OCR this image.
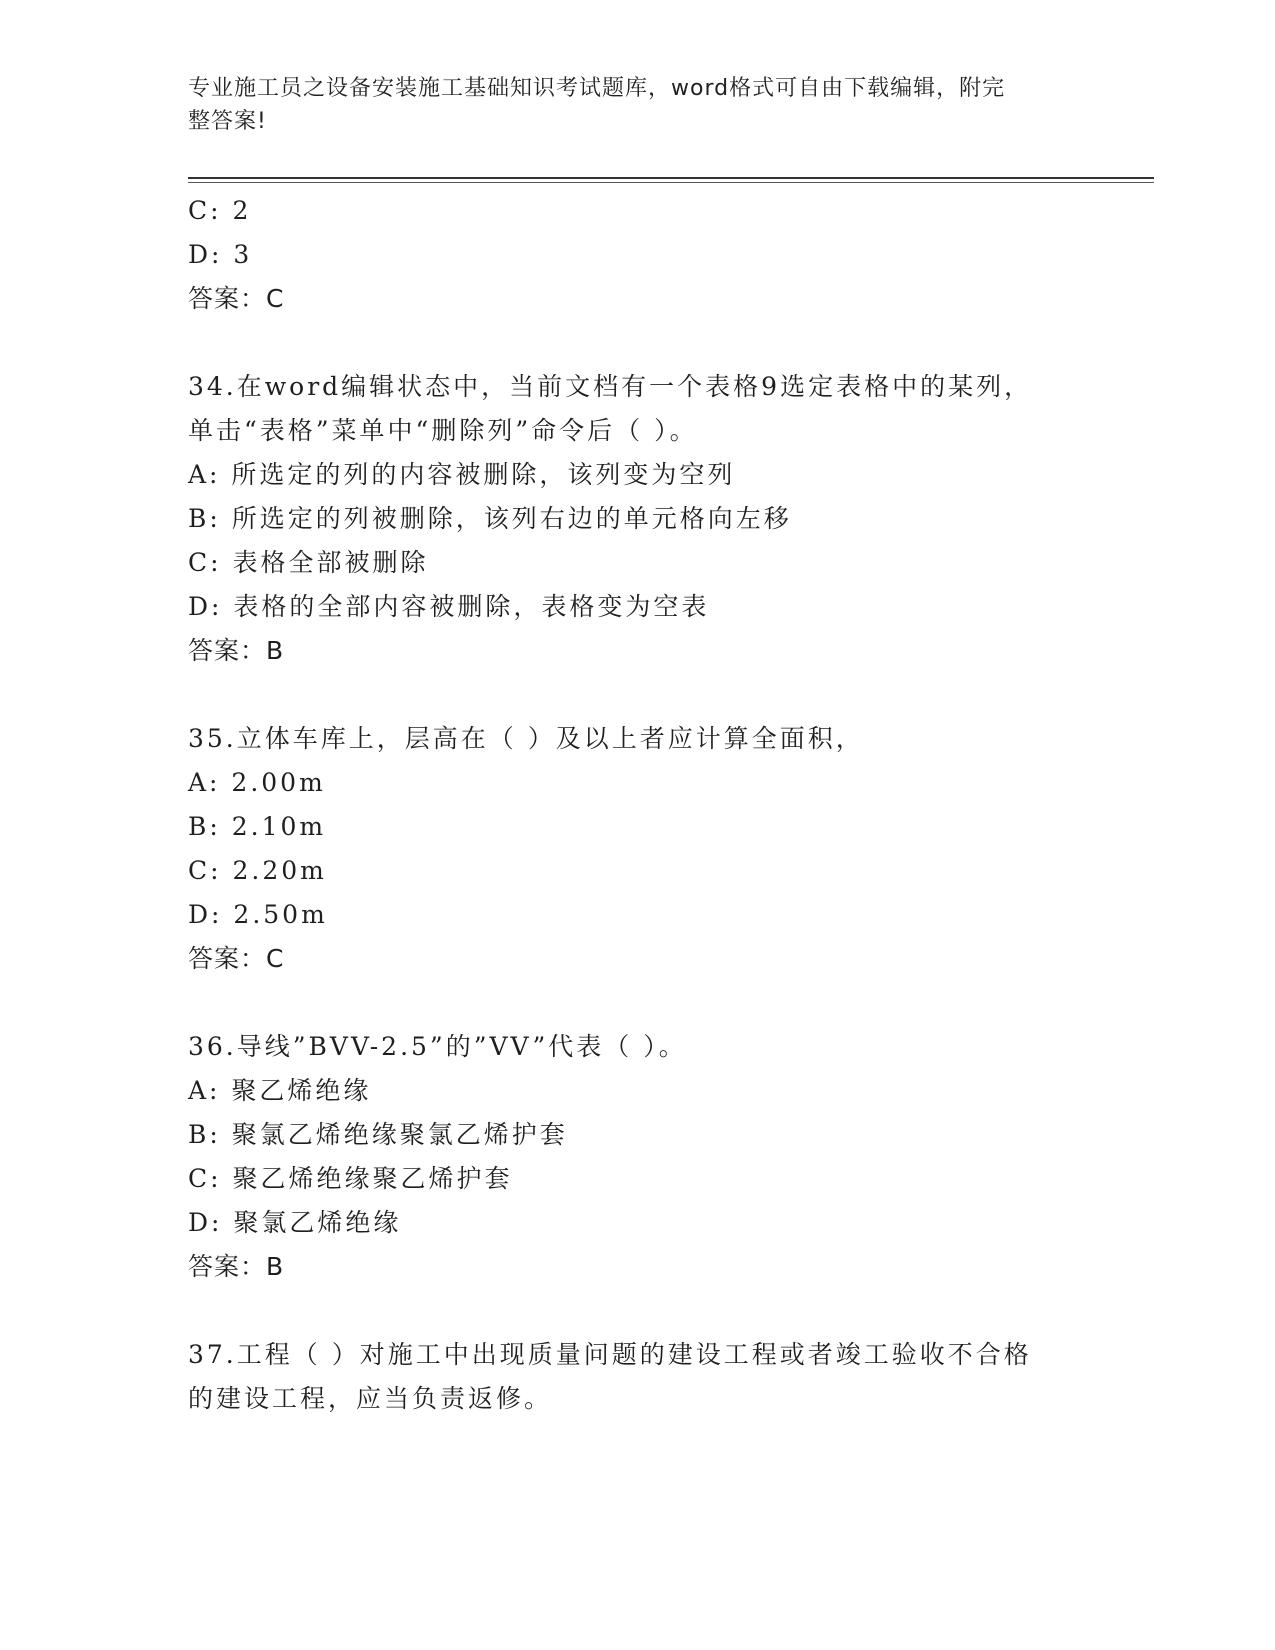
专业施工员之设备安装施工基础知识考试题库，word格式可自由下载编辑，附完
整答案!
C: 2
D: 3
答案：C
34.在word编辑状态中，当前文档有一个表格9选定表格中的某列，
单击“表格”菜单中“删除列”命令后（ ）。
A: 所选定的列的内容被删除，该列变为空列
B: 所选定的列被删除，该列右边的单元格向左移
C: 表格全部被删除
D: 表格的全部内容被删除，表格变为空表
答案：B
35.立体车库上，层高在（ ）及以上者应计算全面积，
A: 2.00m
B: 2.10m
C: 2.20m
D: 2.50m
答案：C
36.导线”BVV-2.5”的”VV”代表（ ）。
A: 聚乙烯绝缘
B: 聚氯乙烯绝缘聚氯乙烯护套
C: 聚乙烯绝缘聚乙烯护套
D: 聚氯乙烯绝缘
答案：B
37.工程（ ）对施工中出现质量问题的建设工程或者竣工验收不合格
的建设工程，应当负责返修。
